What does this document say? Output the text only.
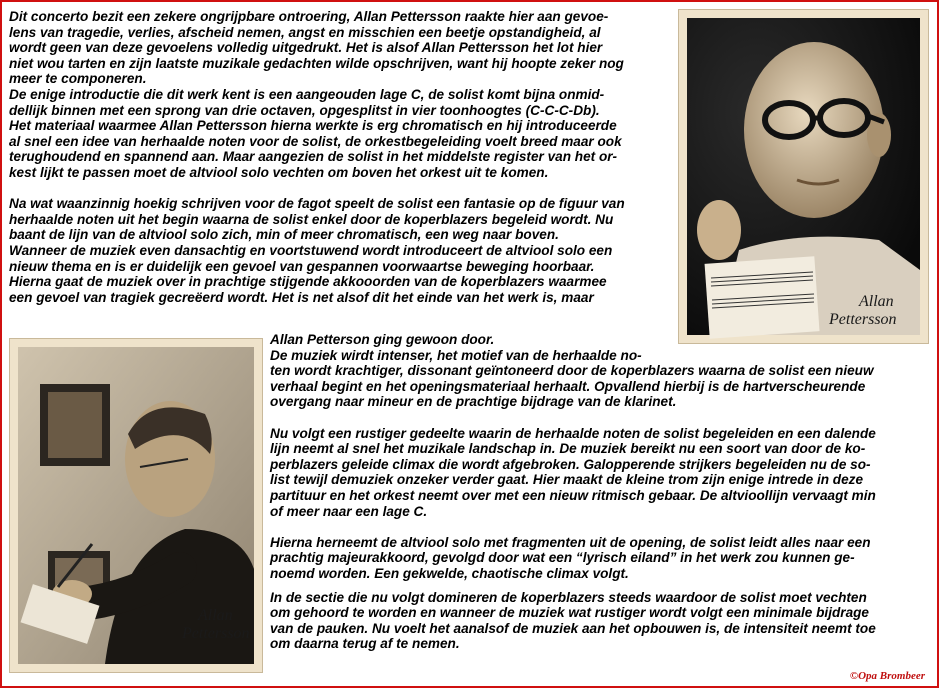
Dit concerto bezit een zekere ongrijpbare ontroering, Allan Pettersson raakte hier aan gevoe-
lens van tragedie, verlies, afscheid nemen, angst en misschien een beetje opstandigheid, al
wordt geen van deze gevoelens volledig uitgedrukt. Het is alsof Allan Pettersson het lot hier
niet wou tarten en zijn laatste muzikale gedachten wilde opschrijven, want hij hoopte zeker nog
meer te componeren.
De enige introductie die dit werk kent is een aangeouden lage C, de solist komt bijna onmid-
dellijk binnen met een sprong van drie octaven, opgesplitst in vier toonhoogtes (C-C-C-Db).
Het materiaal waarmee Allan Pettersson hierna werkte is erg chromatisch en hij introduceerde
al snel een idee van herhaalde noten voor de solist, de orkestbegeleiding voelt breed maar ook
terughoudend en spannend aan. Maar aangezien de solist in het middelste register van het or-
kest lijkt te passen moet de altviool solo vechten om boven het orkest uit te komen.
Na wat waanzinnig hoekig schrijven voor de fagot speelt de solist een fantasie op de figuur van
herhaalde noten uit het begin waarna de solist enkel door de koperblazers begeleid wordt. Nu
baant de lijn van de altviool solo zich, min of meer chromatisch, een weg naar boven.
Wanneer de muziek even dansachtig en voortstuwend wordt introduceert de altviool solo een
nieuw thema en is er duidelijk een gevoel van gespannen voorwaartse beweging hoorbaar.
Hierna gaat de muziek over in prachtige stijgende akkooorden van de koperblazers waarmee
een gevoel van tragiek gecreëerd wordt. Het is net alsof dit het einde van het werk is, maar
Allan Petterson ging gewoon door.
De muziek wirdt intenser, het motief van de herhaalde no-
ten wordt krachtiger, dissonant geïntoneerd door de koperblazers waarna de solist een nieuw
verhaal begint en het openingsmateriaal herhaalt. Opvallend hierbij is de hartverscheurende
overgang naar mineur en de prachtige bijdrage van de klarinet.
Nu volgt een rustiger gedeelte waarin de herhaalde noten de solist begeleiden en een dalende
lijn neemt al snel het muzikale landschap in. De muziek bereikt nu een soort van door de ko-
perblazers geleide climax die wordt afgebroken. Galopperende strijkers begeleiden nu de so-
list tewijl demuziek onzeker verder gaat. Hier maakt de kleine trom zijn enige intrede in deze
partituur en het orkest neemt over met een nieuw ritmisch gebaar. De altvioollijn vervaagt min
of meer naar een lage C.
Hierna herneemt de altviool solo met fragmenten uit de opening, de solist leidt alles naar een
prachtig majeurakkoord, gevolgd door wat een “lyrisch eiland” in het werk zou kunnen ge-
noemd worden. Een gekwelde, chaotische climax volgt.
In de sectie die nu volgt domineren de koperblazers steeds waardoor de solist moet vechten
om gehoord te worden en wanneer de muziek wat rustiger wordt volgt een minimale bijdrage
van de pauken. Nu voelt het aanalsof de muziek aan het opbouwen is, de intensiteit neemt toe
om daarna terug af te nemen.
Allan
Pettersson
Allan
Pettersson
©Opa Brombeer
